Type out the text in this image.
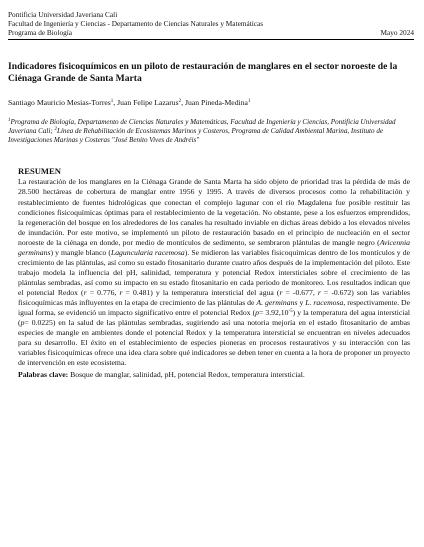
Pontificia Universidad Javeriana Cali
Facultad de Ingeniería y Ciencias - Departamento de Ciencias Naturales y Matemáticas
Programa de Biología	Mayo 2024
Indicadores fisicoquímicos en un piloto de restauración de manglares en el sector noroeste de la Ciénaga Grande de Santa Marta
Santiago Mauricio Mesias-Torres$^1$, Juan Felipe Lazarus$^2$, Juan Pineda-Medina$^1$
$^1$Programa de Biología, Departamento de Ciencias Naturales y Matemáticas, Facultad de Ingeniería y Ciencias, Pontificia Universidad Javeriana Cali; $^2$Línea de Rehabilitación de Ecosistemas Marinos y Costeros, Programa de Calidad Ambiental Marina, Instituto de Investigaciones Marinas y Costeras "José Benito Vives de Andréis"
RESUMEN
La restauración de los manglares en la Ciénaga Grande de Santa Marta ha sido objeto de prioridad tras la pérdida de más de 28.500 hectáreas de cobertura de manglar entre 1956 y 1995. A través de diversos procesos como la rehabilitación y restablecimiento de fuentes hidrológicas que conectan el complejo lagunar con el río Magdalena fue posible restituir las condiciones fisicoquímicas óptimas para el restablecimiento de la vegetación. No obstante, pese a los esfuerzos emprendidos, la regeneración del bosque en los alrededores de los canales ha resultado inviable en dichas áreas debido a los elevados niveles de inundación. Por este motivo, se implementó un piloto de restauración basado en el principio de nucleación en el sector noroeste de la ciénaga en donde, por medio de montículos de sedimento, se sembraron plántulas de mangle negro (Avicennia germinans) y mangle blanco (Laguncularia racemosa). Se midieron las variables fisicoquímicas dentro de los montículos y de crecimiento de las plántulas, así como su estado fitosanitario durante cuatro años después de la implementación del piloto. Este trabajo modela la influencia del pH, salinidad, temperatura y potencial Redox intersticiales sobre el crecimiento de las plántulas sembradas, así como su impacto en su estado fitosanitario en cada periodo de monitoreo. Los resultados indican que el potencial Redox (r = 0.776, r = 0.481) y la temperatura intersticial del agua (r = -0.677, r = -0.672) son las variables fisicoquímicas más influyentes en la etapa de crecimiento de las plántulas de A. germinans y L. racemosa, respectivamente. De igual forma, se evidenció un impacto significativo entre el potencial Redox $(p= 3.92,10^{-5})$ y la temperatura del agua intersticial (p= 0.0225) en la salud de las plántulas sembradas, sugiriendo así una notoria mejoría en el estado fitosanitario de ambas especies de mangle en ambientes donde el potencial Redox y la temperatura intersticial se encuentran en niveles adecuados para su desarrollo. El éxito en el establecimiento de especies pioneras en procesos restaurativos y su interacción con las variables fisicoquímicas ofrece una idea clara sobre qué indicadores se deben tener en cuenta a la hora de proponer un proyecto de intervención en este ecosistema.
Palabras clave: Bosque de manglar, salinidad, pH, potencial Redox, temperatura intersticial.
